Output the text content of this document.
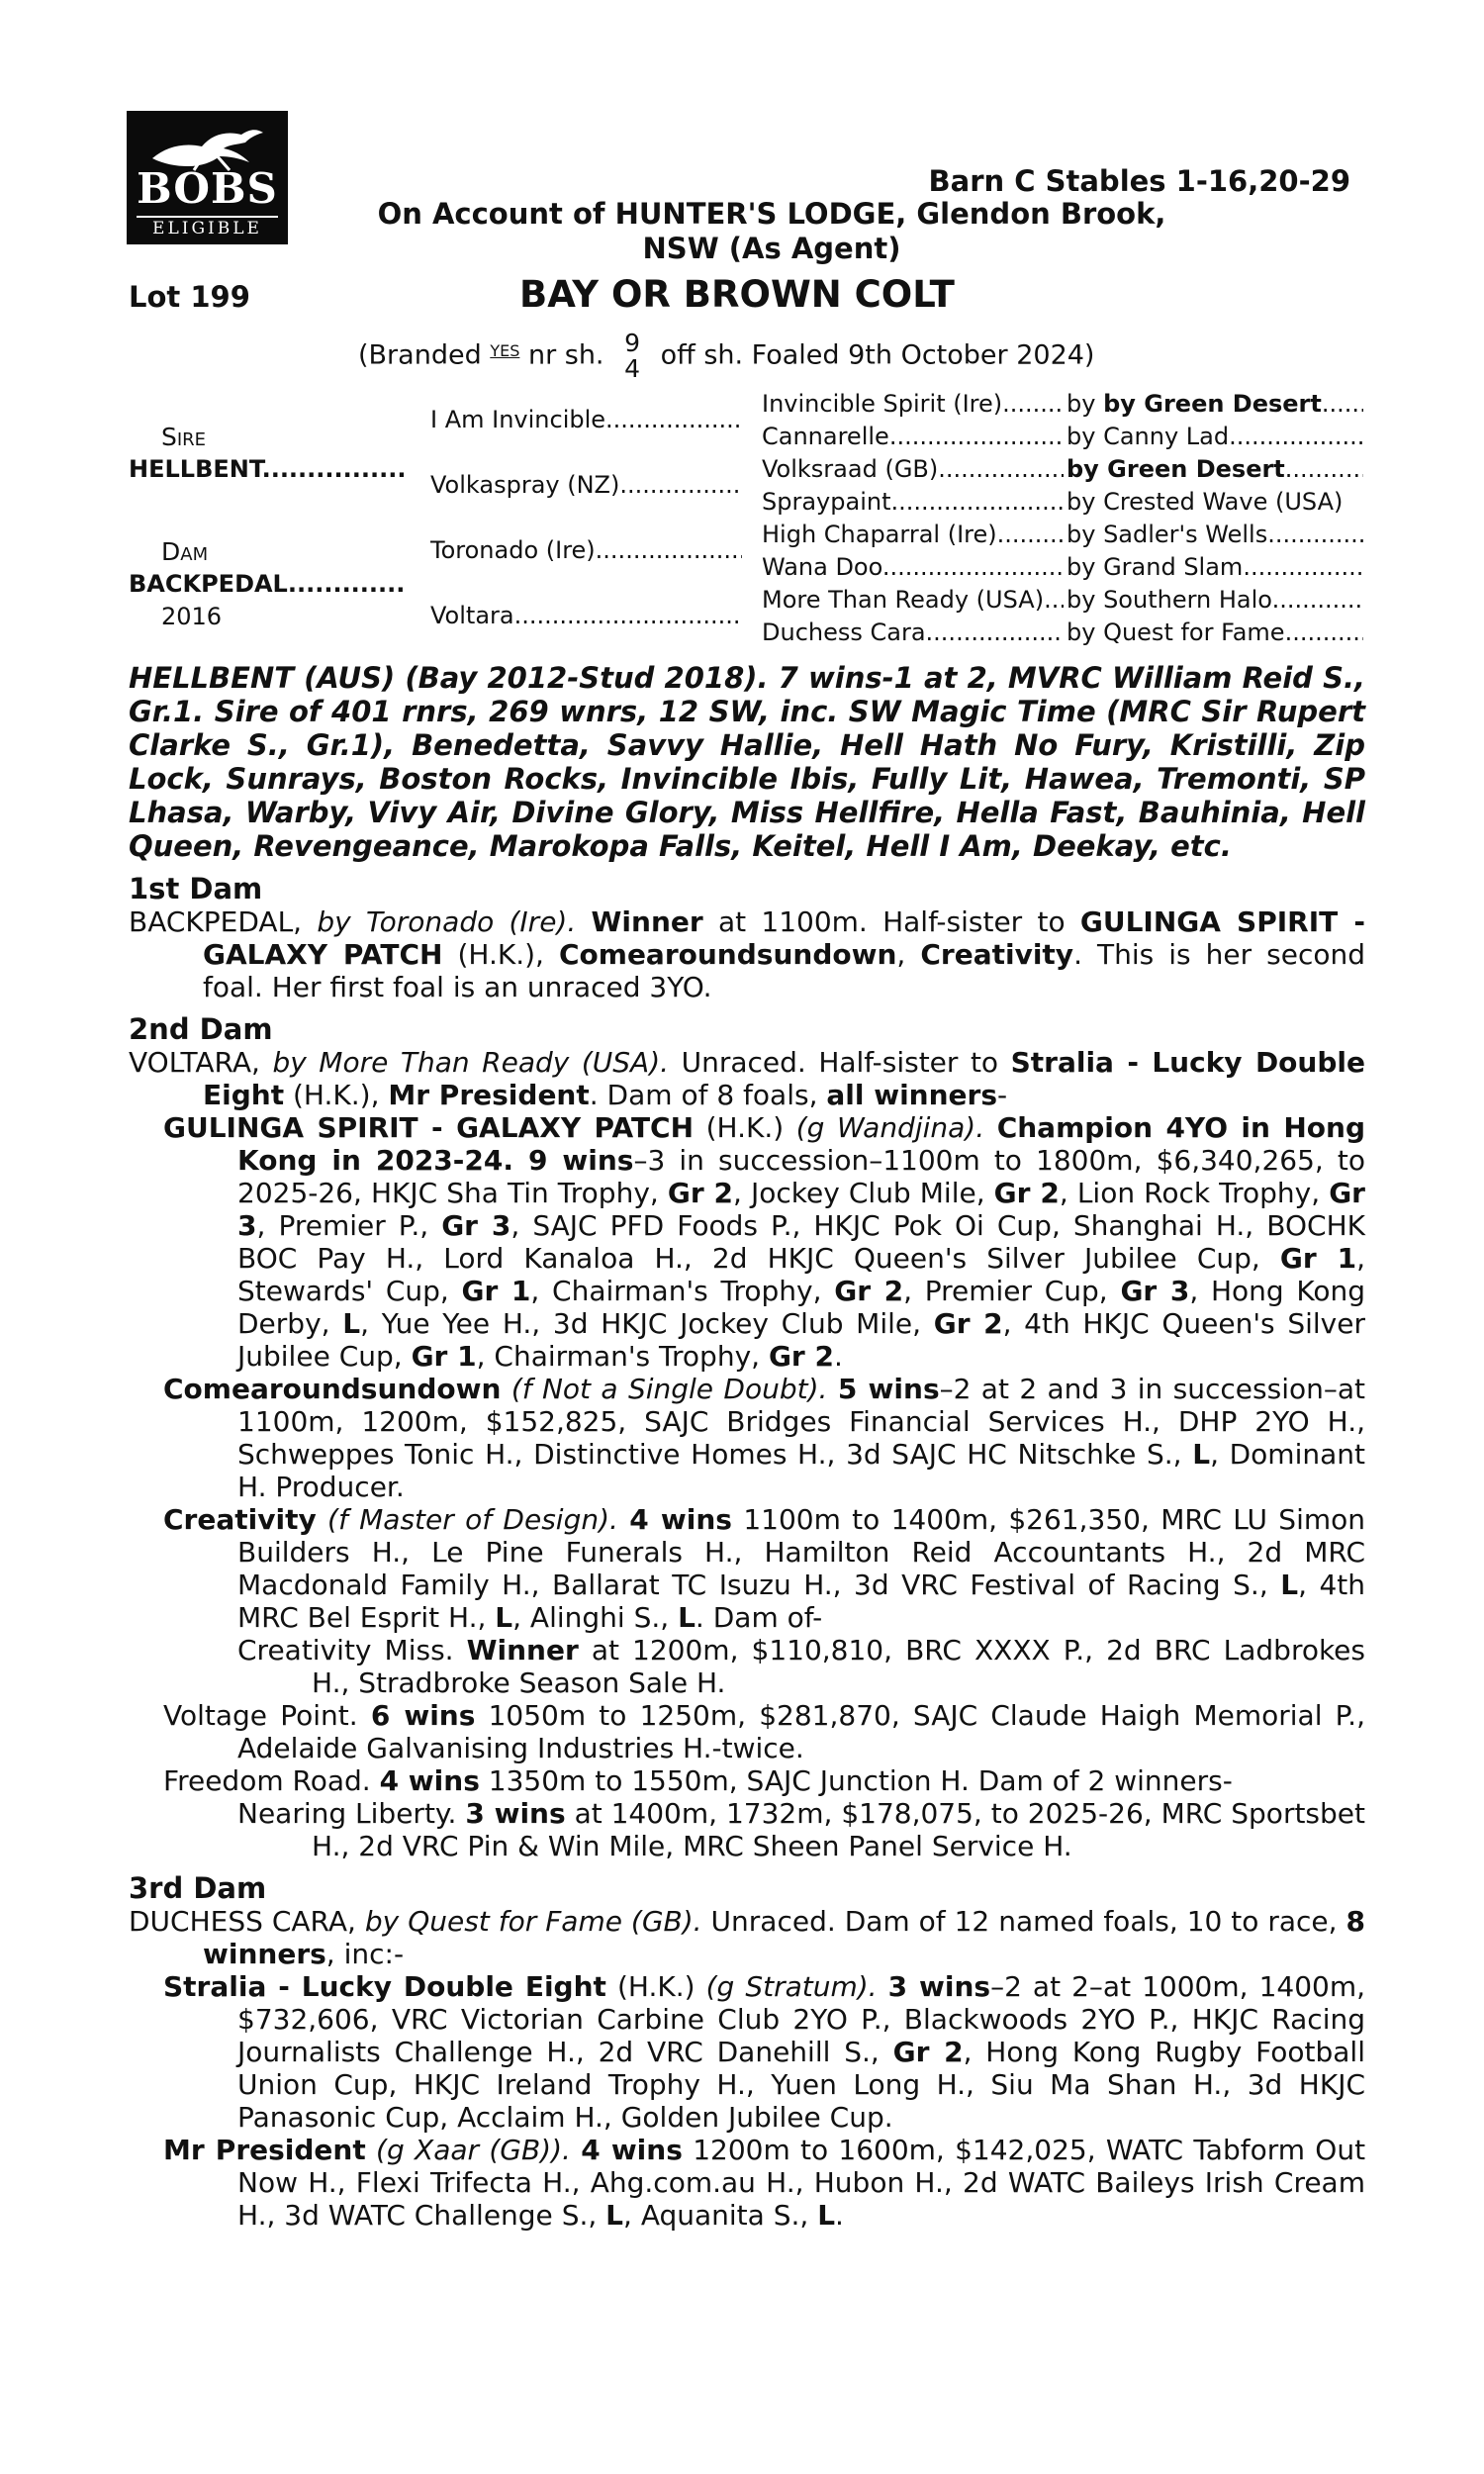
BOBS
ELIGIBLE
Barn C Stables 1-16,20-29
On Account of HUNTER'S LODGE, Glendon Brook,
NSW (As Agent)
Lot 199	BAY OR BROWN COLT
(Branded YES nr sh. 9
4 off sh. Foaled 9th October 2024)
Sire
HELLBENT .....
Dam
BACKPEDAL .....
2016
I Am Invincible .....
Volkaspray (NZ) .....
Toronado (Ire) .....
Voltara .....
Invincible Spirit (Ire) .....
Cannarelle .....
Volksraad (GB) .....
Spraypaint .....
High Chaparral (Ire) .....
Wana Doo .....
More Than Ready (USA) .....
Duchess Cara .....
by by Green Desert .....
by Canny Lad .....
by Green Desert .....
by Crested Wave (USA)
by Sadler's Wells .....
by Grand Slam .....
by Southern Halo .....
by Quest for Fame .....
HELLBENT (AUS) (Bay 2012-Stud 2018). 7 wins-1 at 2, MVRC William Reid S., Gr.1. Sire of 401 rnrs, 269 wnrs, 12 SW, inc. SW Magic Time (MRC Sir Rupert Clarke S., Gr.1), Benedetta, Savvy Hallie, Hell Hath No Fury, Kristilli, Zip Lock, Sunrays, Boston Rocks, Invincible Ibis, Fully Lit, Hawea, Tremonti, SP Lhasa, Warby, Vivy Air, Divine Glory, Miss Hellfire, Hella Fast, Bauhinia, Hell Queen, Revengeance, Marokopa Falls, Keitel, Hell I Am, Deekay, etc.
1st Dam
BACKPEDAL, by Toronado (Ire). Winner at 1100m. Half-sister to GULINGA SPIRIT - GALAXY PATCH (H.K.), Comearoundsundown, Creativity. This is her second foal. Her first foal is an unraced 3YO.
2nd Dam
VOLTARA, by More Than Ready (USA). Unraced. Half-sister to Stralia - Lucky Double Eight (H.K.), Mr President. Dam of 8 foals, all winners-
GULINGA SPIRIT - GALAXY PATCH (H.K.) (g Wandjina). Champion 4YO in Hong Kong in 2023-24. 9 wins–3 in succession–1100m to 1800m, $6,340,265, to 2025-26, HKJC Sha Tin Trophy, Gr 2, Jockey Club Mile, Gr 2, Lion Rock Trophy, Gr 3, Premier P., Gr 3, SAJC PFD Foods P., HKJC Pok Oi Cup, Shanghai H., BOCHK BOC Pay H., Lord Kanaloa H., 2d HKJC Queen's Silver Jubilee Cup, Gr 1, Stewards' Cup, Gr 1, Chairman's Trophy, Gr 2, Premier Cup, Gr 3, Hong Kong Derby, L, Yue Yee H., 3d HKJC Jockey Club Mile, Gr 2, 4th HKJC Queen's Silver Jubilee Cup, Gr 1, Chairman's Trophy, Gr 2.
Comearoundsundown (f Not a Single Doubt). 5 wins–2 at 2 and 3 in succession–at 1100m, 1200m, $152,825, SAJC Bridges Financial Services H., DHP 2YO H., Schweppes Tonic H., Distinctive Homes H., 3d SAJC HC Nitschke S., L, Dominant H. Producer.
Creativity (f Master of Design). 4 wins 1100m to 1400m, $261,350, MRC LU Simon Builders H., Le Pine Funerals H., Hamilton Reid Accountants H., 2d MRC Macdonald Family H., Ballarat TC Isuzu H., 3d VRC Festival of Racing S., L, 4th MRC Bel Esprit H., L, Alinghi S., L. Dam of-
Creativity Miss. Winner at 1200m, $110,810, BRC XXXX P., 2d BRC Ladbrokes H., Stradbroke Season Sale H.
Voltage Point. 6 wins 1050m to 1250m, $281,870, SAJC Claude Haigh Memorial P., Adelaide Galvanising Industries H.-twice.
Freedom Road. 4 wins 1350m to 1550m, SAJC Junction H. Dam of 2 winners-
Nearing Liberty. 3 wins at 1400m, 1732m, $178,075, to 2025-26, MRC Sportsbet H., 2d VRC Pin & Win Mile, MRC Sheen Panel Service H.
3rd Dam
DUCHESS CARA, by Quest for Fame (GB). Unraced. Dam of 12 named foals, 10 to race, 8 winners, inc:-
Stralia - Lucky Double Eight (H.K.) (g Stratum). 3 wins–2 at 2–at 1000m, 1400m, $732,606, VRC Victorian Carbine Club 2YO P., Blackwoods 2YO P., HKJC Racing Journalists Challenge H., 2d VRC Danehill S., Gr 2, Hong Kong Rugby Football Union Cup, HKJC Ireland Trophy H., Yuen Long H., Siu Ma Shan H., 3d HKJC Panasonic Cup, Acclaim H., Golden Jubilee Cup.
Mr President (g Xaar (GB)). 4 wins 1200m to 1600m, $142,025, WATC Tabform Out Now H., Flexi Trifecta H., Ahg.com.au H., Hubon H., 2d WATC Baileys Irish Cream H., 3d WATC Challenge S., L, Aquanita S., L.
